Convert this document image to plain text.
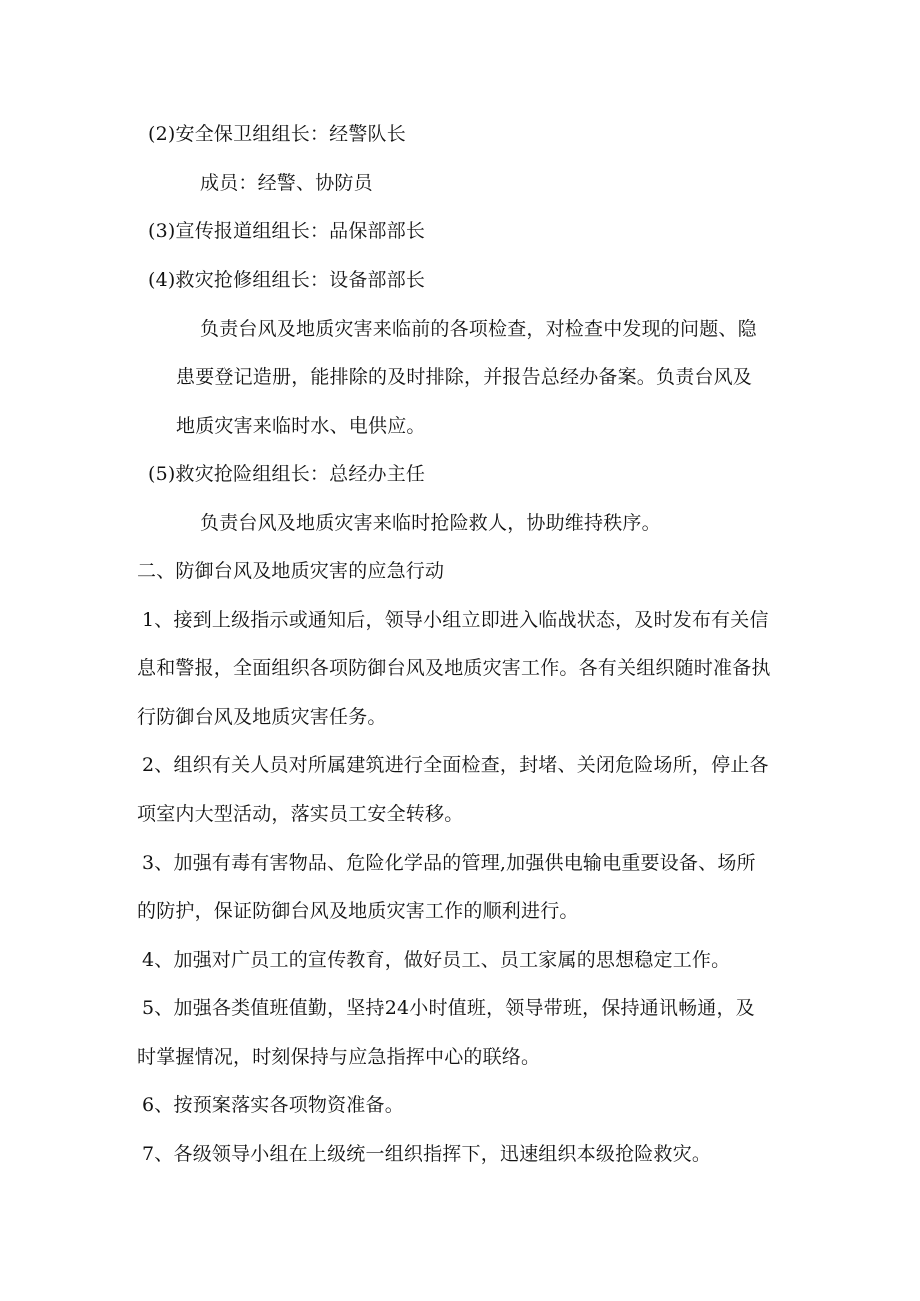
(2)安全保卫组组长：经警队长
成员：经警、协防员
(3)宣传报道组组长：品保部部长
(4)救灾抢修组组长：设备部部长
负责台风及地质灾害来临前的各项检查，对检查中发现的问题、隐
患要登记造册，能排除的及时排除，并报告总经办备案。负责台风及
地质灾害来临时水、电供应。
(5)救灾抢险组组长：总经办主任
负责台风及地质灾害来临时抢险救人，协助维持秩序。
二、防御台风及地质灾害的应急行动
1、接到上级指示或通知后，领导小组立即进入临战状态，及时发布有关信
息和警报，全面组织各项防御台风及地质灾害工作。各有关组织随时准备执
行防御台风及地质灾害任务。
2、组织有关人员对所属建筑进行全面检查，封堵、关闭危险场所，停止各
项室内大型活动，落实员工安全转移。
3、加强有毒有害物品、危险化学品的管理,加强供电输电重要设备、场所
的防护，保证防御台风及地质灾害工作的顺利进行。
4、加强对广员工的宣传教育，做好员工、员工家属的思想稳定工作。
5、加强各类值班值勤，坚持24小时值班，领导带班，保持通讯畅通，及
时掌握情况，时刻保持与应急指挥中心的联络。
6、按预案落实各项物资准备。
7、各级领导小组在上级统一组织指挥下，迅速组织本级抢险救灾。
